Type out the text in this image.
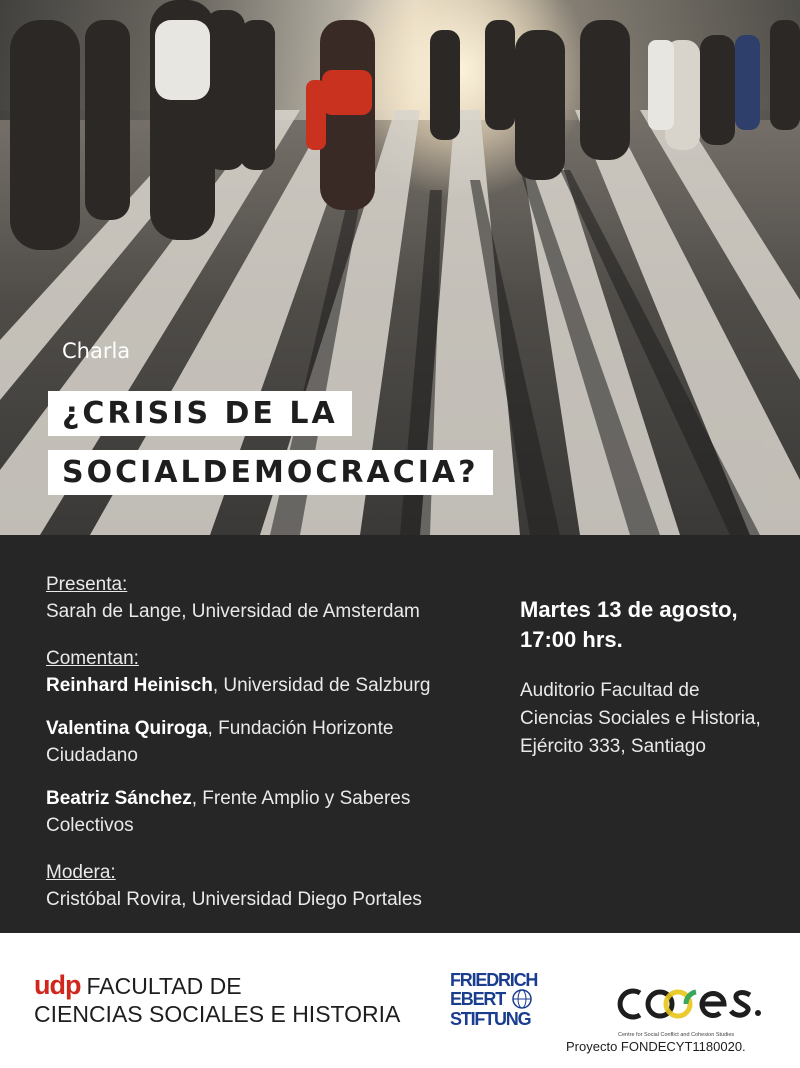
Charla
¿CRISIS DE LA
SOCIALDEMOCRACIA?
Presenta:
Sarah de Lange, Universidad de Amsterdam
Comentan:
Reinhard Heinisch, Universidad de Salzburg
Valentina Quiroga, Fundación Horizonte Ciudadano
Beatriz Sánchez, Frente Amplio y Saberes Colectivos
Modera:
Cristóbal Rovira, Universidad Diego Portales
Martes 13 de agosto,
17:00 hrs.
Auditorio Facultad de
Ciencias Sociales e Historia,
Ejército 333, Santiago
udp FACULTAD DE
CIENCIAS SOCIALES E HISTORIA
FRIEDRICH
EBERT
STIFTUNG
Centre for Social Conflict and Cohesion Studies
Proyecto FONDECYT1180020.
